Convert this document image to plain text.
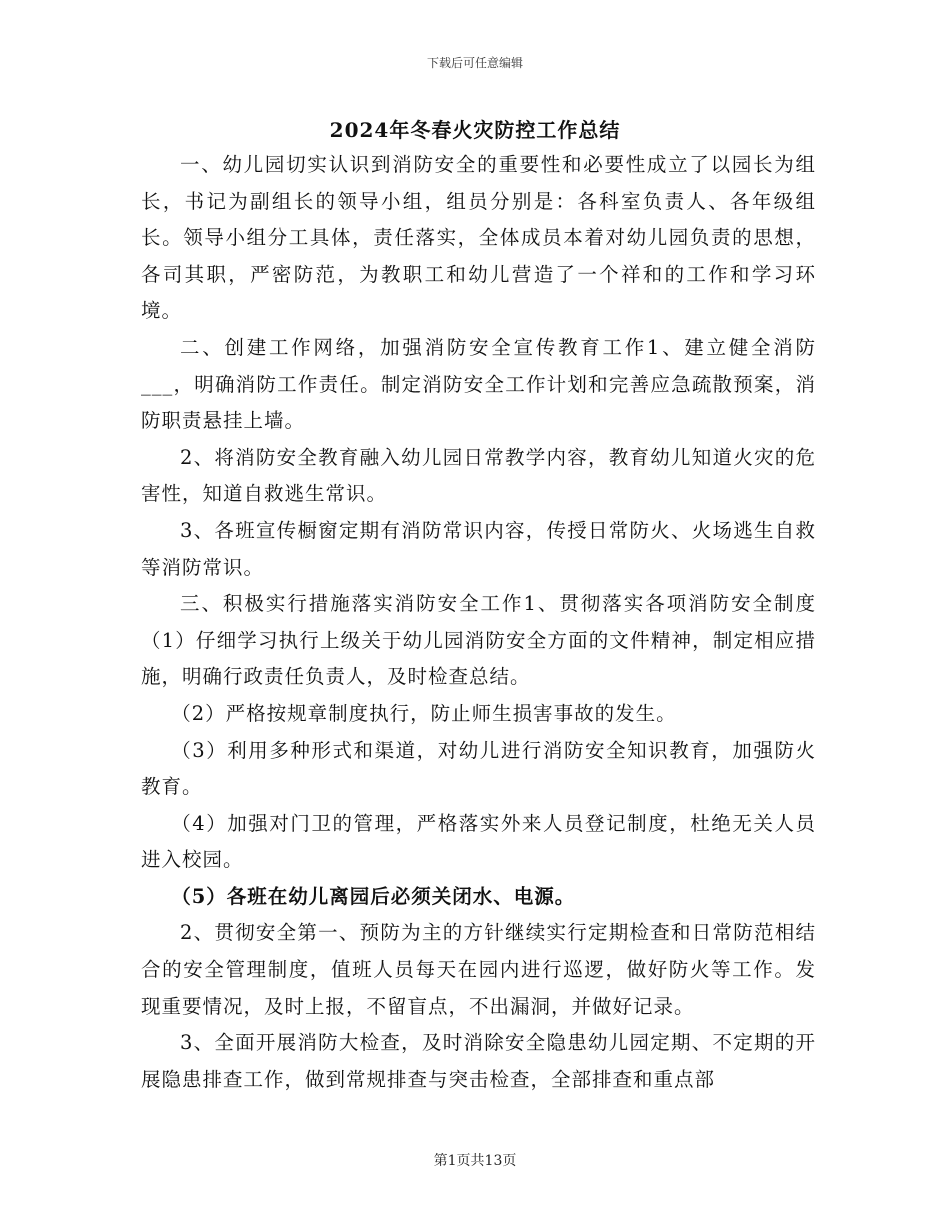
下载后可任意编辑
2024年冬春火灾防控工作总结

一、幼儿园切实认识到消防安全的重要性和必要性成立了以园长为组长，书记为副组长的领导小组，组员分别是：各科室负责人、各年级组长。领导小组分工具体，责任落实，全体成员本着对幼儿园负责的思想，各司其职，严密防范，为教职工和幼儿营造了一个祥和的工作和学习环境。

二、创建工作网络，加强消防安全宣传教育工作1、建立健全消防___，明确消防工作责任。制定消防安全工作计划和完善应急疏散预案，消防职责悬挂上墙。

2、将消防安全教育融入幼儿园日常教学内容，教育幼儿知道火灾的危害性，知道自救逃生常识。

3、各班宣传橱窗定期有消防常识内容，传授日常防火、火场逃生自救等消防常识。

三、积极实行措施落实消防安全工作1、贯彻落实各项消防安全制度（1）仔细学习执行上级关于幼儿园消防安全方面的文件精神，制定相应措施，明确行政责任负责人，及时检查总结。

（2）严格按规章制度执行，防止师生损害事故的发生。

（3）利用多种形式和渠道，对幼儿进行消防安全知识教育，加强防火教育。

（4）加强对门卫的管理，严格落实外来人员登记制度，杜绝无关人员进入校园。

（5）各班在幼儿离园后必须关闭水、电源。

2、贯彻安全第一、预防为主的方针继续实行定期检查和日常防范相结合的安全管理制度，值班人员每天在园内进行巡逻，做好防火等工作。发现重要情况，及时上报，不留盲点，不出漏洞，并做好记录。

3、全面开展消防大检查，及时消除安全隐患幼儿园定期、不定期的开展隐患排查工作，做到常规排查与突击检查，全部排查和重点部

第1页共13页
